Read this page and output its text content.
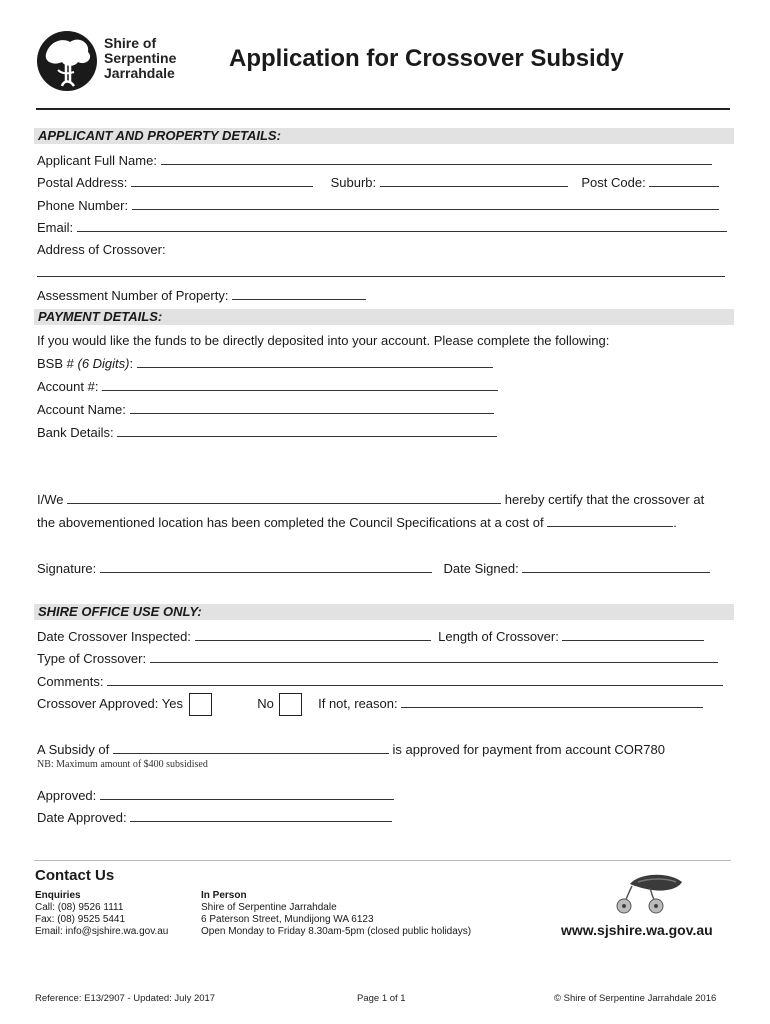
Shire of
Serpentine
Jarrahdale
Application for Crossover Subsidy
APPLICANT AND PROPERTY DETAILS:
Applicant Full Name:
Postal Address:	Suburb:	Post Code:
Phone Number:
Email:
Address of Crossover:
Assessment Number of Property:
PAYMENT DETAILS:
If you would like the funds to be directly deposited into your account. Please complete the following:
BSB # (6 Digits):
Account #:
Account Name:
Bank Details:
I/We	hereby certify that the crossover at
the abovementioned location has been completed the Council Specifications at a cost of	.
Signature:	Date Signed:
SHIRE OFFICE USE ONLY:
Date Crossover Inspected:	Length of Crossover:
Type of Crossover:
Comments:
Crossover Approved: Yes	No	If not, reason:
A Subsidy of	is approved for payment from account COR780
NB: Maximum amount of $400 subsidised
Approved:
Date Approved:
Contact Us
Enquiries
Call: (08) 9526 1111
Fax: (08) 9525 5441
Email: info@sjshire.wa.gov.au
In Person
Shire of Serpentine Jarrahdale
6 Paterson Street, Mundijong WA 6123
Open Monday to Friday 8.30am-5pm (closed public holidays)	www.sjshire.wa.gov.au
Reference: E13/2907 - Updated: July 2017	Page 1 of 1	© Shire of Serpentine Jarrahdale 2016
